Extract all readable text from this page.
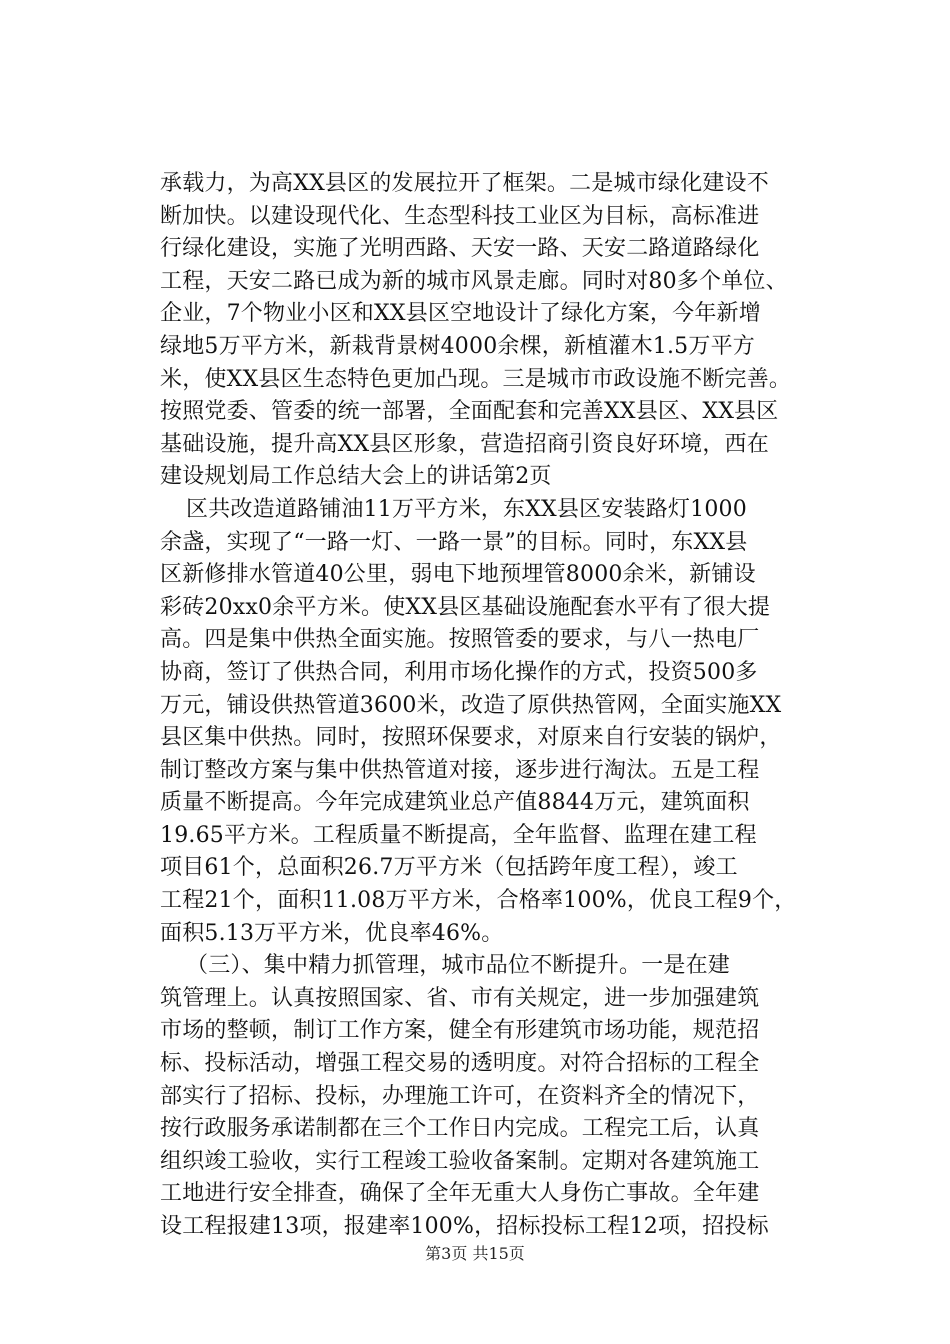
承载力，为高XX县区的发展拉开了框架。二是城市绿化建设不
断加快。以建设现代化、生态型科技工业区为目标，高标准进
行绿化建设，实施了光明西路、天安一路、天安二路道路绿化
工程，天安二路已成为新的城市风景走廊。同时对80多个单位、
企业，7个物业小区和XX县区空地设计了绿化方案，今年新增
绿地5万平方米，新栽背景树4000余棵，新植灌木1.5万平方
米，使XX县区生态特色更加凸现。三是城市市政设施不断完善。
按照党委、管委的统一部署，全面配套和完善XX县区、XX县区
基础设施，提升高XX县区形象，营造招商引资良好环境，西在
建设规划局工作总结大会上的讲话第2页
区共改造道路铺油11万平方米，东XX县区安装路灯1000
余盏，实现了“一路一灯、一路一景”的目标。同时，东XX县
区新修排水管道40公里，弱电下地预埋管8000余米，新铺设
彩砖20xx0余平方米。使XX县区基础设施配套水平有了很大提
高。四是集中供热全面实施。按照管委的要求，与八一热电厂
协商，签订了供热合同，利用市场化操作的方式，投资500多
万元，铺设供热管道3600米，改造了原供热管网，全面实施XX
县区集中供热。同时，按照环保要求，对原来自行安装的锅炉，
制订整改方案与集中供热管道对接，逐步进行淘汰。五是工程
质量不断提高。今年完成建筑业总产值8844万元，建筑面积
19.65平方米。工程质量不断提高，全年监督、监理在建工程
项目61个，总面积26.7万平方米（包括跨年度工程），竣工
工程21个，面积11.08万平方米，合格率100%，优良工程9个，
面积5.13万平方米，优良率46%。
（三）、集中精力抓管理，城市品位不断提升。一是在建
筑管理上。认真按照国家、省、市有关规定，进一步加强建筑
市场的整顿，制订工作方案，健全有形建筑市场功能，规范招
标、投标活动，增强工程交易的透明度。对符合招标的工程全
部实行了招标、投标，办理施工许可，在资料齐全的情况下，
按行政服务承诺制都在三个工作日内完成。工程完工后，认真
组织竣工验收，实行工程竣工验收备案制。定期对各建筑施工
工地进行安全排查，确保了全年无重大人身伤亡事故。全年建
设工程报建13项，报建率100%，招标投标工程12项，招投标
第3页 共15页
